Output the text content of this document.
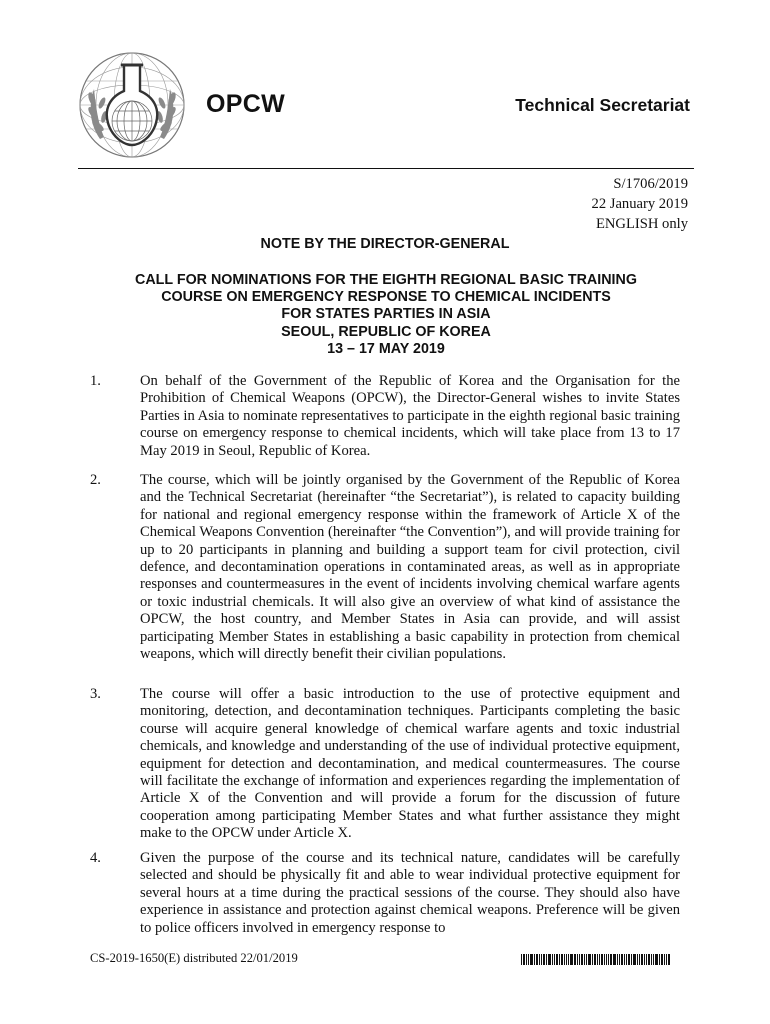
OPCW	Technical Secretariat
S/1706/2019
22 January 2019
ENGLISH only
NOTE BY THE DIRECTOR-GENERAL
CALL FOR NOMINATIONS FOR THE EIGHTH REGIONAL BASIC TRAINING
COURSE ON EMERGENCY RESPONSE TO CHEMICAL INCIDENTS
FOR STATES PARTIES IN ASIA
SEOUL, REPUBLIC OF KOREA
13 – 17 MAY 2019
1.	On behalf of the Government of the Republic of Korea and the Organisation for the Prohibition of Chemical Weapons (OPCW), the Director-General wishes to invite States Parties in Asia to nominate representatives to participate in the eighth regional basic training course on emergency response to chemical incidents, which will take place from 13 to 17 May 2019 in Seoul, Republic of Korea.
2.	The course, which will be jointly organised by the Government of the Republic of Korea and the Technical Secretariat (hereinafter “the Secretariat”), is related to capacity building for national and regional emergency response within the framework of Article X of the Chemical Weapons Convention (hereinafter “the Convention”), and will provide training for up to 20 participants in planning and building a support team for civil protection, civil defence, and decontamination operations in contaminated areas, as well as in appropriate responses and countermeasures in the event of incidents involving chemical warfare agents or toxic industrial chemicals. It will also give an overview of what kind of assistance the OPCW, the host country, and Member States in Asia can provide, and will assist participating Member States in establishing a basic capability in protection from chemical weapons, which will directly benefit their civilian populations.
3.	The course will offer a basic introduction to the use of protective equipment and monitoring, detection, and decontamination techniques. Participants completing the basic course will acquire general knowledge of chemical warfare agents and toxic industrial chemicals, and knowledge and understanding of the use of individual protective equipment, equipment for detection and decontamination, and medical countermeasures. The course will facilitate the exchange of information and experiences regarding the implementation of Article X of the Convention and will provide a forum for the discussion of future cooperation among participating Member States and what further assistance they might make to the OPCW under Article X.
4.	Given the purpose of the course and its technical nature, candidates will be carefully selected and should be physically fit and able to wear individual protective equipment for several hours at a time during the practical sessions of the course. They should also have experience in assistance and protection against chemical weapons. Preference will be given to police officers involved in emergency response to
CS-2019-1650(E) distributed 22/01/2019
